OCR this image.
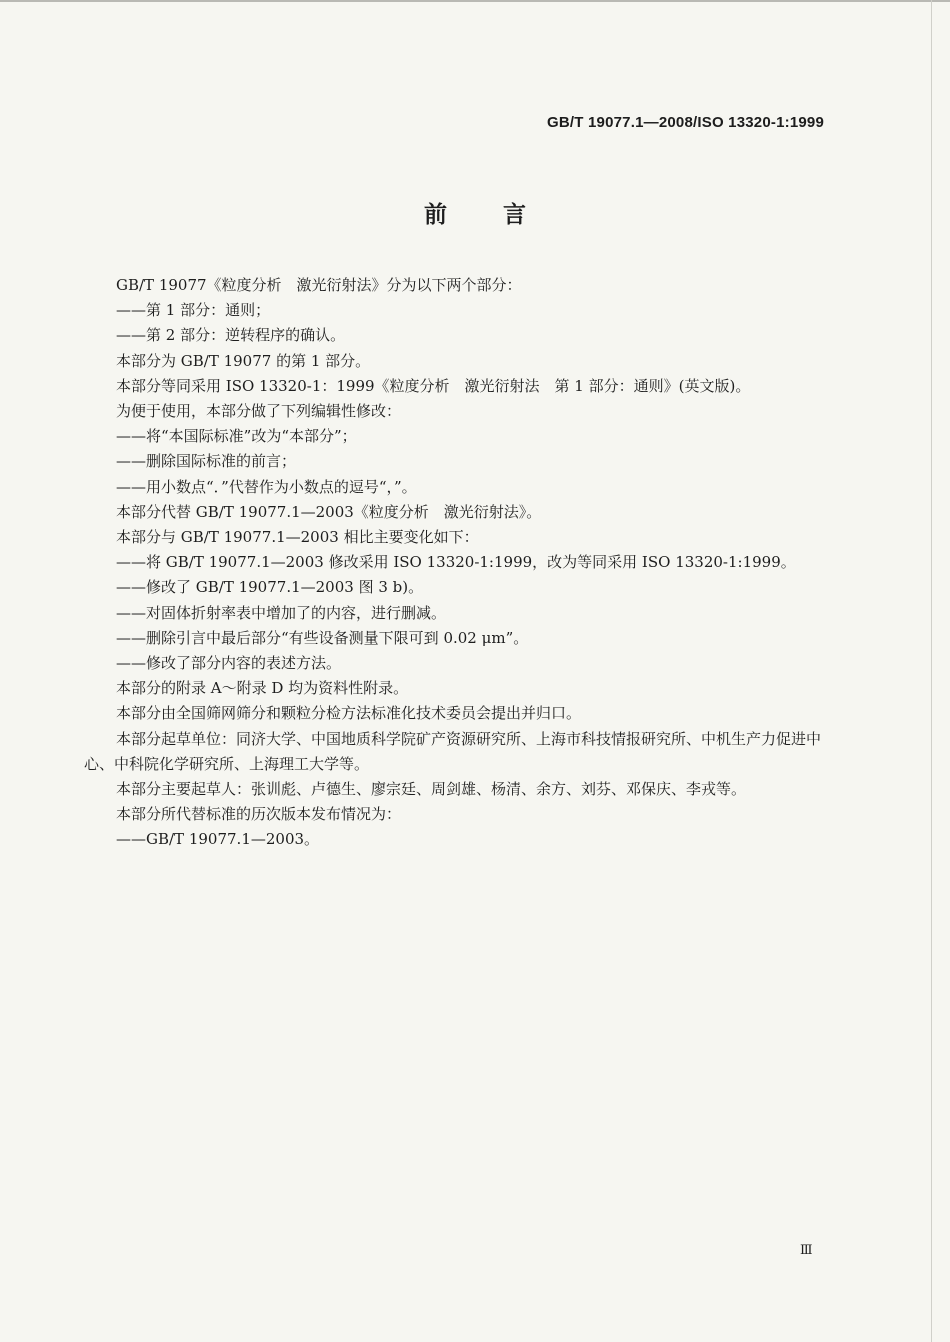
GB/T 19077.1—2008/ISO 13320-1:1999
前言

GB/T 19077《粒度分析　激光衍射法》分为以下两个部分：

——第 1 部分：通则；

——第 2 部分：逆转程序的确认。

本部分为 GB/T 19077 的第 1 部分。

本部分等同采用 ISO 13320-1：1999《粒度分析　激光衍射法　第 1 部分：通则》(英文版)。

为便于使用，本部分做了下列编辑性修改：

——将“本国际标准”改为“本部分”；

——删除国际标准的前言；

——用小数点“．”代替作为小数点的逗号“，”。

本部分代替 GB/T 19077.1—2003《粒度分析　激光衍射法》。

本部分与 GB/T 19077.1—2003 相比主要变化如下：

——将 GB/T 19077.1—2003 修改采用 ISO 13320-1:1999，改为等同采用 ISO 13320-1:1999。

——修改了 GB/T 19077.1—2003 图 3 b)。

——对固体折射率表中增加了的内容，进行删减。

——删除引言中最后部分“有些设备测量下限可到 0.02 μm”。

——修改了部分内容的表述方法。

本部分的附录 A～附录 D 均为资料性附录。

本部分由全国筛网筛分和颗粒分检方法标准化技术委员会提出并归口。

本部分起草单位：同济大学、中国地质科学院矿产资源研究所、上海市科技情报研究所、中机生产力促进中心、中科院化学研究所、上海理工大学等。

本部分主要起草人：张训彪、卢德生、廖宗廷、周剑雄、杨清、余方、刘芬、邓保庆、李戎等。

本部分所代替标准的历次版本发布情况为：

——GB/T 19077.1—2003。

Ⅲ
